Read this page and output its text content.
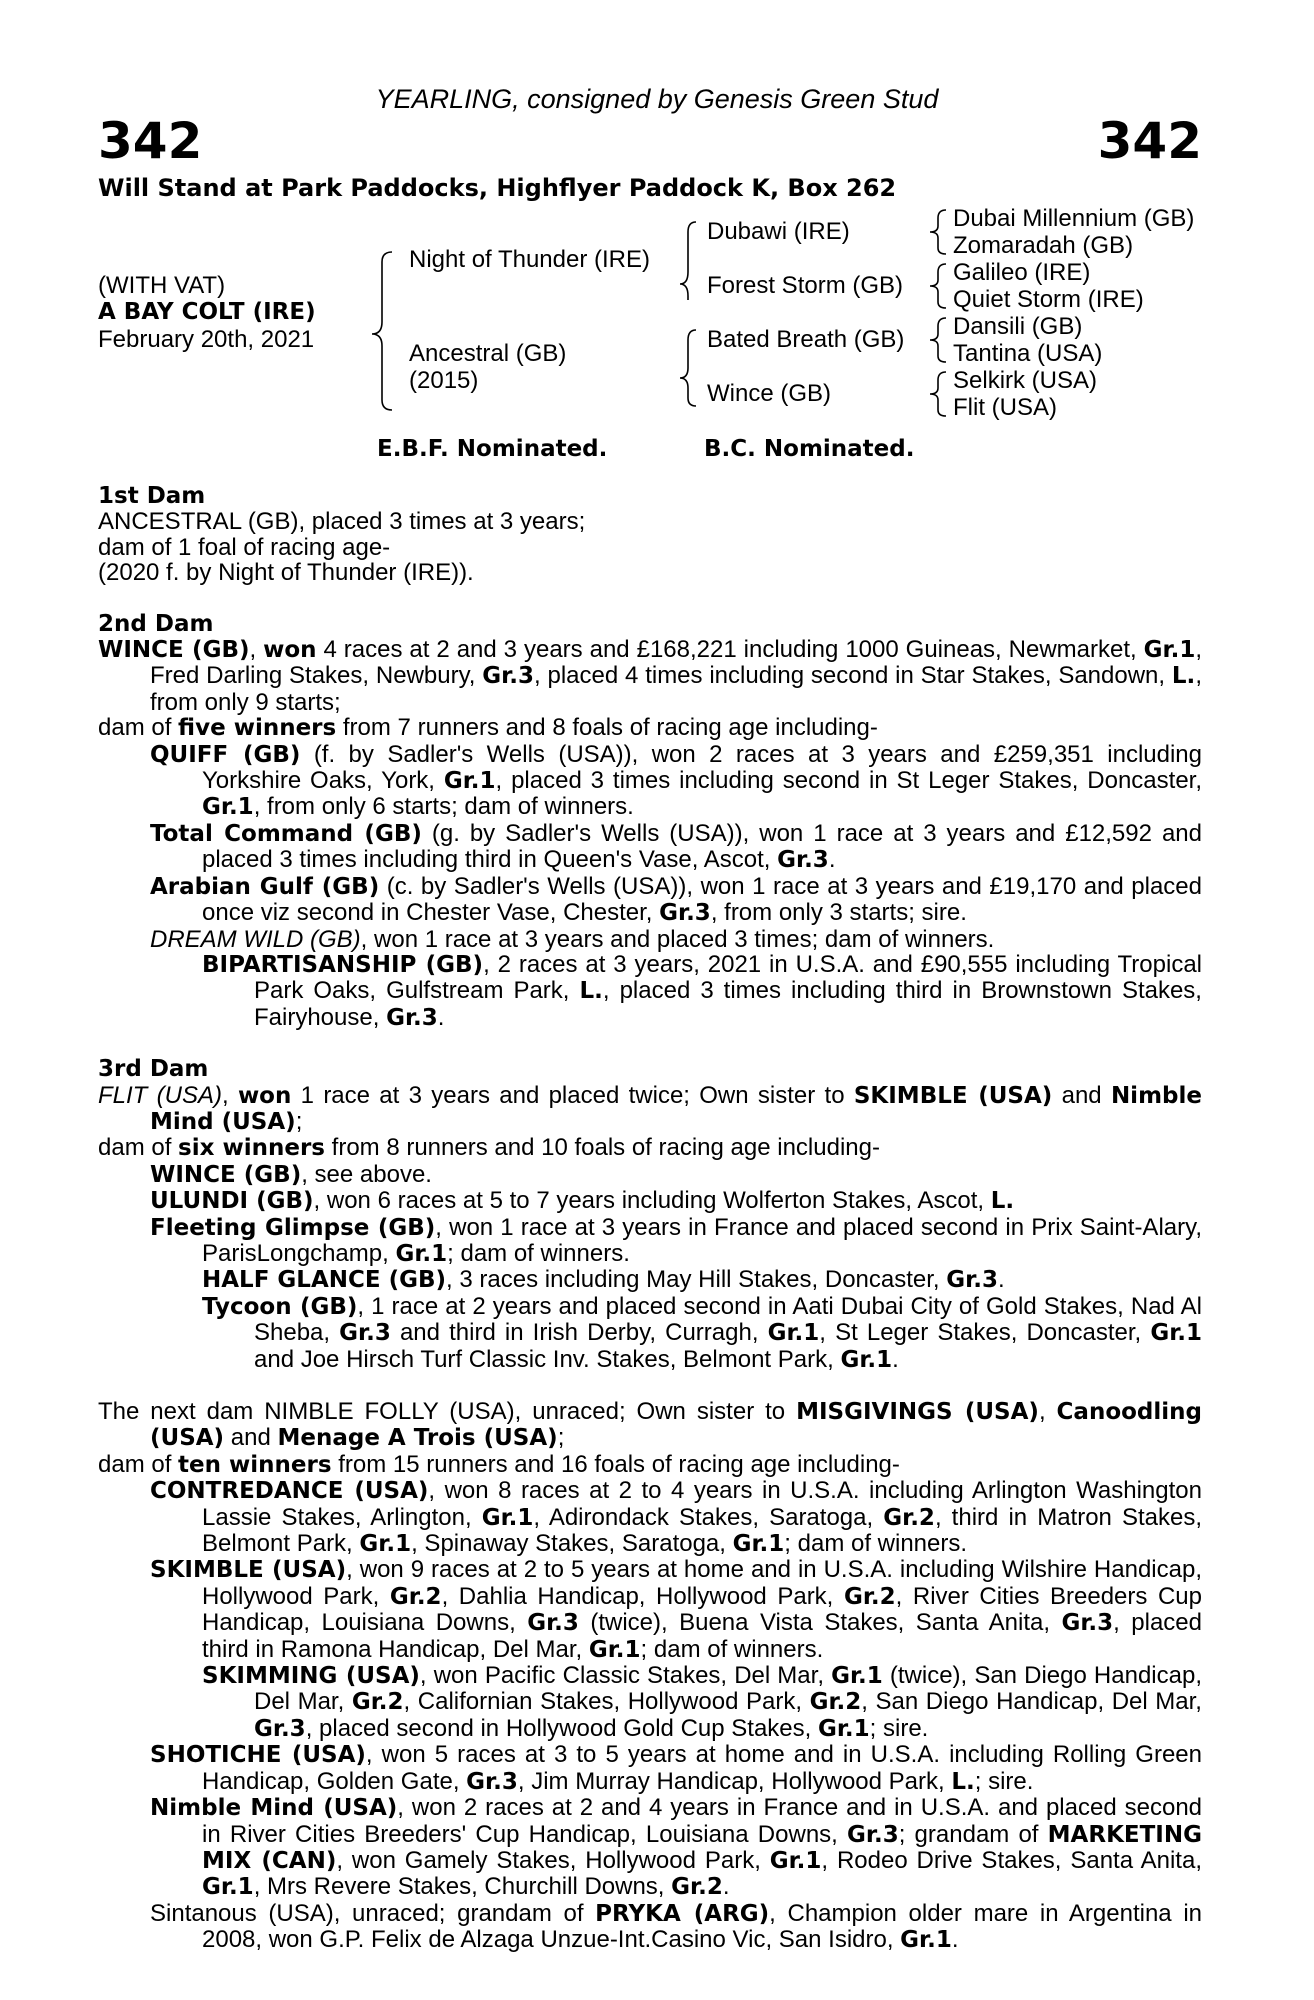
YEARLING, consigned by Genesis Green Stud
342	342
Will Stand at Park Paddocks, Highflyer Paddock K, Box 262
(WITH VAT)
A BAY COLT (IRE)
February 20th, 2021
Night of Thunder (IRE)
Ancestral (GB)
(2015)
Dubawi (IRE)
Forest Storm (GB)
Bated Breath (GB)
Wince (GB)
Dubai Millennium (GB)
Zomaradah (GB)
Galileo (IRE)
Quiet Storm (IRE)
Dansili (GB)
Tantina (USA)
Selkirk (USA)
Flit (USA)
E.B.F. Nominated.	B.C. Nominated.
1st Dam

ANCESTRAL (GB), placed 3 times at 3 years;

dam of 1 foal of racing age-

(2020 f. by Night of Thunder (IRE)).

2nd Dam

WINCE (GB), won 4 races at 2 and 3 years and £168,221 including 1000 Guineas, Newmarket, Gr.1, Fred Darling Stakes, Newbury, Gr.3, placed 4 times including second in Star Stakes, Sandown, L., from only 9 starts;

dam of five winners from 7 runners and 8 foals of racing age including-

QUIFF (GB) (f. by Sadler's Wells (USA)), won 2 races at 3 years and £259,351 including Yorkshire Oaks, York, Gr.1, placed 3 times including second in St Leger Stakes, Doncaster, Gr.1, from only 6 starts; dam of winners.

Total Command (GB) (g. by Sadler's Wells (USA)), won 1 race at 3 years and £12,592 and placed 3 times including third in Queen's Vase, Ascot, Gr.3.

Arabian Gulf (GB) (c. by Sadler's Wells (USA)), won 1 race at 3 years and £19,170 and placed once viz second in Chester Vase, Chester, Gr.3, from only 3 starts; sire.

DREAM WILD (GB), won 1 race at 3 years and placed 3 times; dam of winners.

BIPARTISANSHIP (GB), 2 races at 3 years, 2021 in U.S.A. and £90,555 including Tropical Park Oaks, Gulfstream Park, L., placed 3 times including third in Brownstown Stakes, Fairyhouse, Gr.3.

3rd Dam

FLIT (USA), won 1 race at 3 years and placed twice; Own sister to SKIMBLE (USA) and Nimble Mind (USA);

dam of six winners from 8 runners and 10 foals of racing age including-

WINCE (GB), see above.

ULUNDI (GB), won 6 races at 5 to 7 years including Wolferton Stakes, Ascot, L.

Fleeting Glimpse (GB), won 1 race at 3 years in France and placed second in Prix Saint-Alary, ParisLongchamp, Gr.1; dam of winners.

HALF GLANCE (GB), 3 races including May Hill Stakes, Doncaster, Gr.3.

Tycoon (GB), 1 race at 2 years and placed second in Aati Dubai City of Gold Stakes, Nad Al Sheba, Gr.3 and third in Irish Derby, Curragh, Gr.1, St Leger Stakes, Doncaster, Gr.1 and Joe Hirsch Turf Classic Inv. Stakes, Belmont Park, Gr.1.

The next dam NIMBLE FOLLY (USA), unraced; Own sister to MISGIVINGS (USA), Canoodling (USA) and Menage A Trois (USA);

dam of ten winners from 15 runners and 16 foals of racing age including-

CONTREDANCE (USA), won 8 races at 2 to 4 years in U.S.A. including Arlington Washington Lassie Stakes, Arlington, Gr.1, Adirondack Stakes, Saratoga, Gr.2, third in Matron Stakes, Belmont Park, Gr.1, Spinaway Stakes, Saratoga, Gr.1; dam of winners.

SKIMBLE (USA), won 9 races at 2 to 5 years at home and in U.S.A. including Wilshire Handicap, Hollywood Park, Gr.2, Dahlia Handicap, Hollywood Park, Gr.2, River Cities Breeders Cup Handicap, Louisiana Downs, Gr.3 (twice), Buena Vista Stakes, Santa Anita, Gr.3, placed third in Ramona Handicap, Del Mar, Gr.1; dam of winners.

SKIMMING (USA), won Pacific Classic Stakes, Del Mar, Gr.1 (twice), San Diego Handicap, Del Mar, Gr.2, Californian Stakes, Hollywood Park, Gr.2, San Diego Handicap, Del Mar, Gr.3, placed second in Hollywood Gold Cup Stakes, Gr.1; sire.

SHOTICHE (USA), won 5 races at 3 to 5 years at home and in U.S.A. including Rolling Green Handicap, Golden Gate, Gr.3, Jim Murray Handicap, Hollywood Park, L.; sire.

Nimble Mind (USA), won 2 races at 2 and 4 years in France and in U.S.A. and placed second in River Cities Breeders' Cup Handicap, Louisiana Downs, Gr.3; grandam of MARKETING MIX (CAN), won Gamely Stakes, Hollywood Park, Gr.1, Rodeo Drive Stakes, Santa Anita, Gr.1, Mrs Revere Stakes, Churchill Downs, Gr.2.

Sintanous (USA), unraced; grandam of PRYKA (ARG), Champion older mare in Argentina in 2008, won G.P. Felix de Alzaga Unzue-Int.Casino Vic, San Isidro, Gr.1.
